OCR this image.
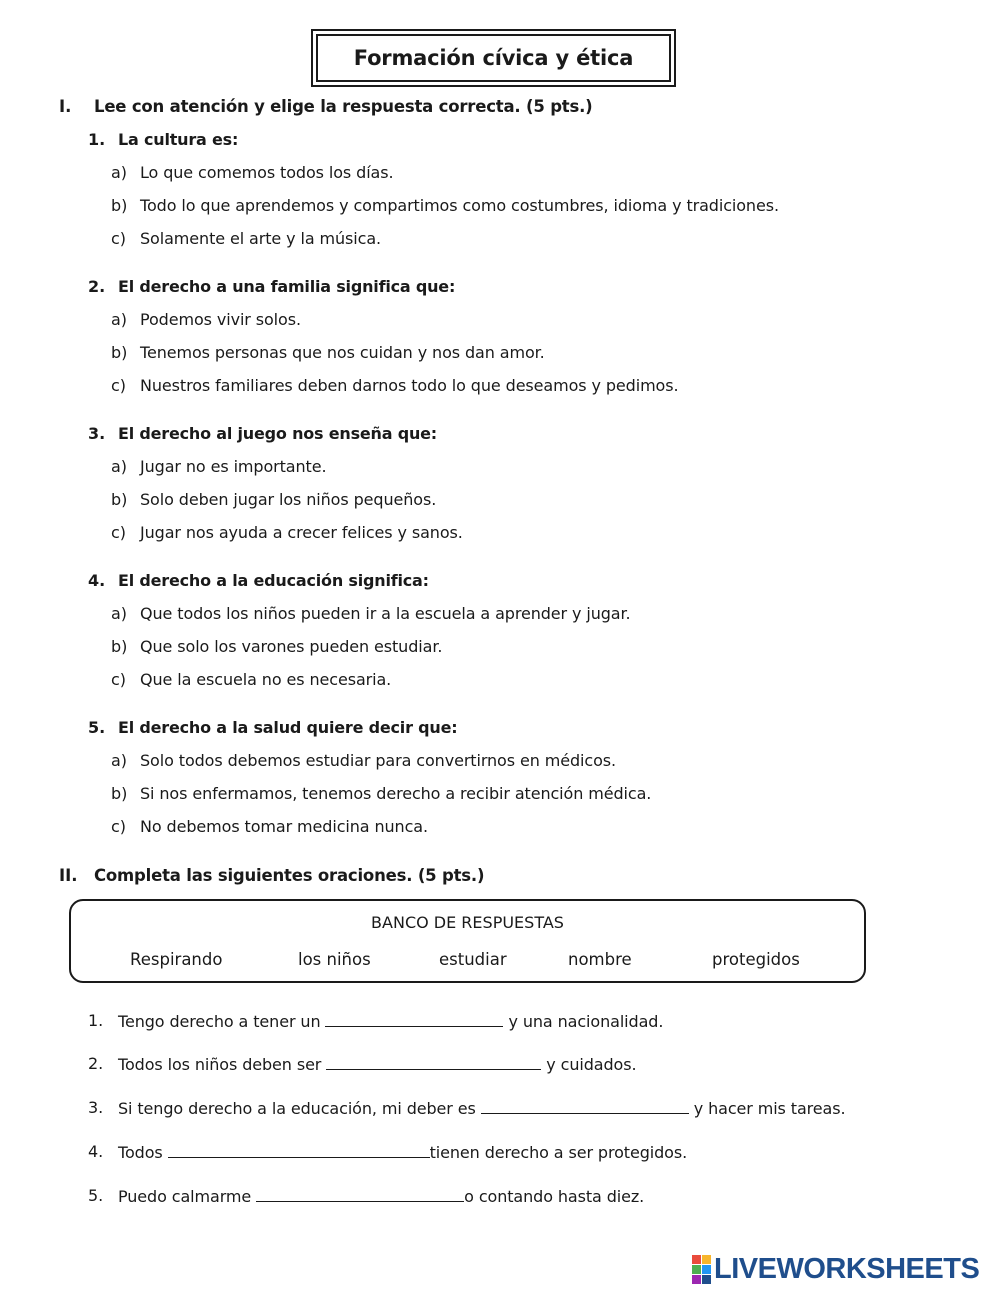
Formación cívica y ética
I. Lee con atención y elige la respuesta correcta. (5 pts.)
1. La cultura es:
a) Lo que comemos todos los días.
b) Todo lo que aprendemos y compartimos como costumbres, idioma y tradiciones.
c) Solamente el arte y la música.
2. El derecho a una familia significa que:
a) Podemos vivir solos.
b) Tenemos personas que nos cuidan y nos dan amor.
c) Nuestros familiares deben darnos todo lo que deseamos y pedimos.
3. El derecho al juego nos enseña que:
a) Jugar no es importante.
b) Solo deben jugar los niños pequeños.
c) Jugar nos ayuda a crecer felices y sanos.
4. El derecho a la educación significa:
a) Que todos los niños pueden ir a la escuela a aprender y jugar.
b) Que solo los varones pueden estudiar.
c) Que la escuela no es necesaria.
5. El derecho a la salud quiere decir que:
a) Solo todos debemos estudiar para convertirnos en médicos.
b) Si nos enfermamos, tenemos derecho a recibir atención médica.
c) No debemos tomar medicina nunca.
II. Completa las siguientes oraciones. (5 pts.)
BANCO DE RESPUESTAS
Respirando	los niños	estudiar	nombre	protegidos
1. Tengo derecho a tener un	y una nacionalidad.
2. Todos los niños deben ser	y cuidados.
3. Si tengo derecho a la educación, mi deber es	y hacer mis tareas.
4. Todos	tienen derecho a ser protegidos.
5. Puedo calmarme	o contando hasta diez.
LIVEWORKSHEETS
